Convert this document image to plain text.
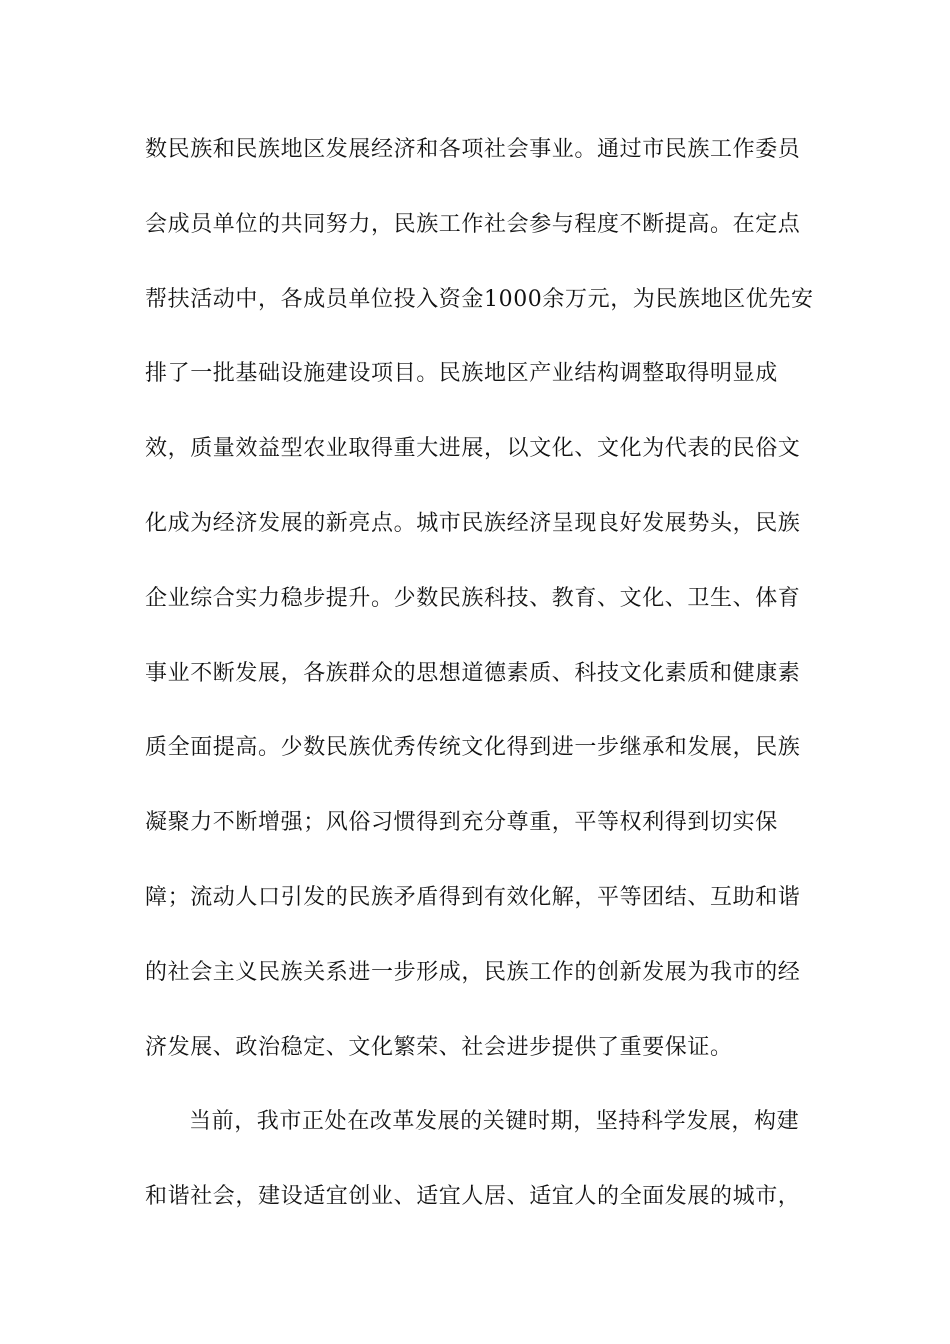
数民族和民族地区发展经济和各项社会事业。通过市民族工作委员
会成员单位的共同努力，民族工作社会参与程度不断提高。在定点
帮扶活动中，各成员单位投入资金1000余万元，为民族地区优先安
排了一批基础设施建设项目。民族地区产业结构调整取得明显成
效，质量效益型农业取得重大进展，以文化、文化为代表的民俗文
化成为经济发展的新亮点。城市民族经济呈现良好发展势头，民族
企业综合实力稳步提升。少数民族科技、教育、文化、卫生、体育
事业不断发展，各族群众的思想道德素质、科技文化素质和健康素
质全面提高。少数民族优秀传统文化得到进一步继承和发展，民族
凝聚力不断增强；风俗习惯得到充分尊重，平等权利得到切实保
障；流动人口引发的民族矛盾得到有效化解，平等团结、互助和谐
的社会主义民族关系进一步形成，民族工作的创新发展为我市的经
济发展、政治稳定、文化繁荣、社会进步提供了重要保证。
当前，我市正处在改革发展的关键时期，坚持科学发展，构建
和谐社会，建设适宜创业、适宜人居、适宜人的全面发展的城市，
